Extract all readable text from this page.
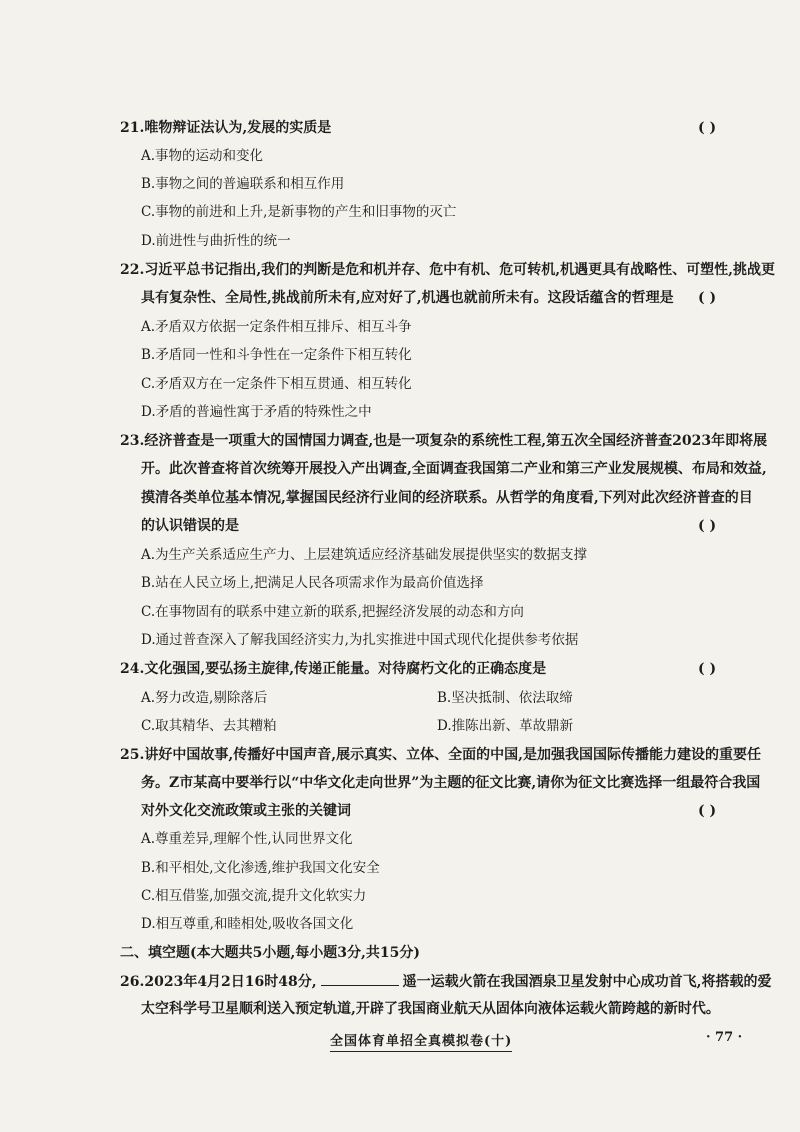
21.唯物辩证法认为,发展的实质是	( )
A.事物的运动和变化
B.事物之间的普遍联系和相互作用
C.事物的前进和上升,是新事物的产生和旧事物的灭亡
D.前进性与曲折性的统一
22.习近平总书记指出,我们的判断是危和机并存、危中有机、危可转机,机遇更具有战略性、可塑性,挑战更
具有复杂性、全局性,挑战前所未有,应对好了,机遇也就前所未有。这段话蕴含的哲理是 ( )
A.矛盾双方依据一定条件相互排斥、相互斗争
B.矛盾同一性和斗争性在一定条件下相互转化
C.矛盾双方在一定条件下相互贯通、相互转化
D.矛盾的普遍性寓于矛盾的特殊性之中
23.经济普查是一项重大的国情国力调查,也是一项复杂的系统性工程,第五次全国经济普查2023年即将展
开。此次普查将首次统筹开展投入产出调查,全面调查我国第二产业和第三产业发展规模、布局和效益,
摸清各类单位基本情况,掌握国民经济行业间的经济联系。从哲学的角度看,下列对此次经济普查的目
的认识错误的是	( )
A.为生产关系适应生产力、上层建筑适应经济基础发展提供坚实的数据支撑
B.站在人民立场上,把满足人民各项需求作为最高价值选择
C.在事物固有的联系中建立新的联系,把握经济发展的动态和方向
D.通过普查深入了解我国经济实力,为扎实推进中国式现代化提供参考依据
24.文化强国,要弘扬主旋律,传递正能量。对待腐朽文化的正确态度是	( )
A.努力改造,剔除落后	B.坚决抵制、依法取缔
C.取其精华、去其糟粕	D.推陈出新、革故鼎新
25.讲好中国故事,传播好中国声音,展示真实、立体、全面的中国,是加强我国国际传播能力建设的重要任
务。Z市某高中要举行以“中华文化走向世界”为主题的征文比赛,请你为征文比赛选择一组最符合我国
对外文化交流政策或主张的关键词	( )
A.尊重差异,理解个性,认同世界文化
B.和平相处,文化渗透,维护我国文化安全
C.相互借鉴,加强交流,提升文化软实力
D.相互尊重,和睦相处,吸收各国文化
二、填空题(本大题共5小题,每小题3分,共15分)
26.2023年4月2日16时48分,	遥一运载火箭在我国酒泉卫星发射中心成功首飞,将搭载的爱
太空科学号卫星顺利送入预定轨道,开辟了我国商业航天从固体向液体运载火箭跨越的新时代。
全国体育单招全真模拟卷(十)	· 77 ·
